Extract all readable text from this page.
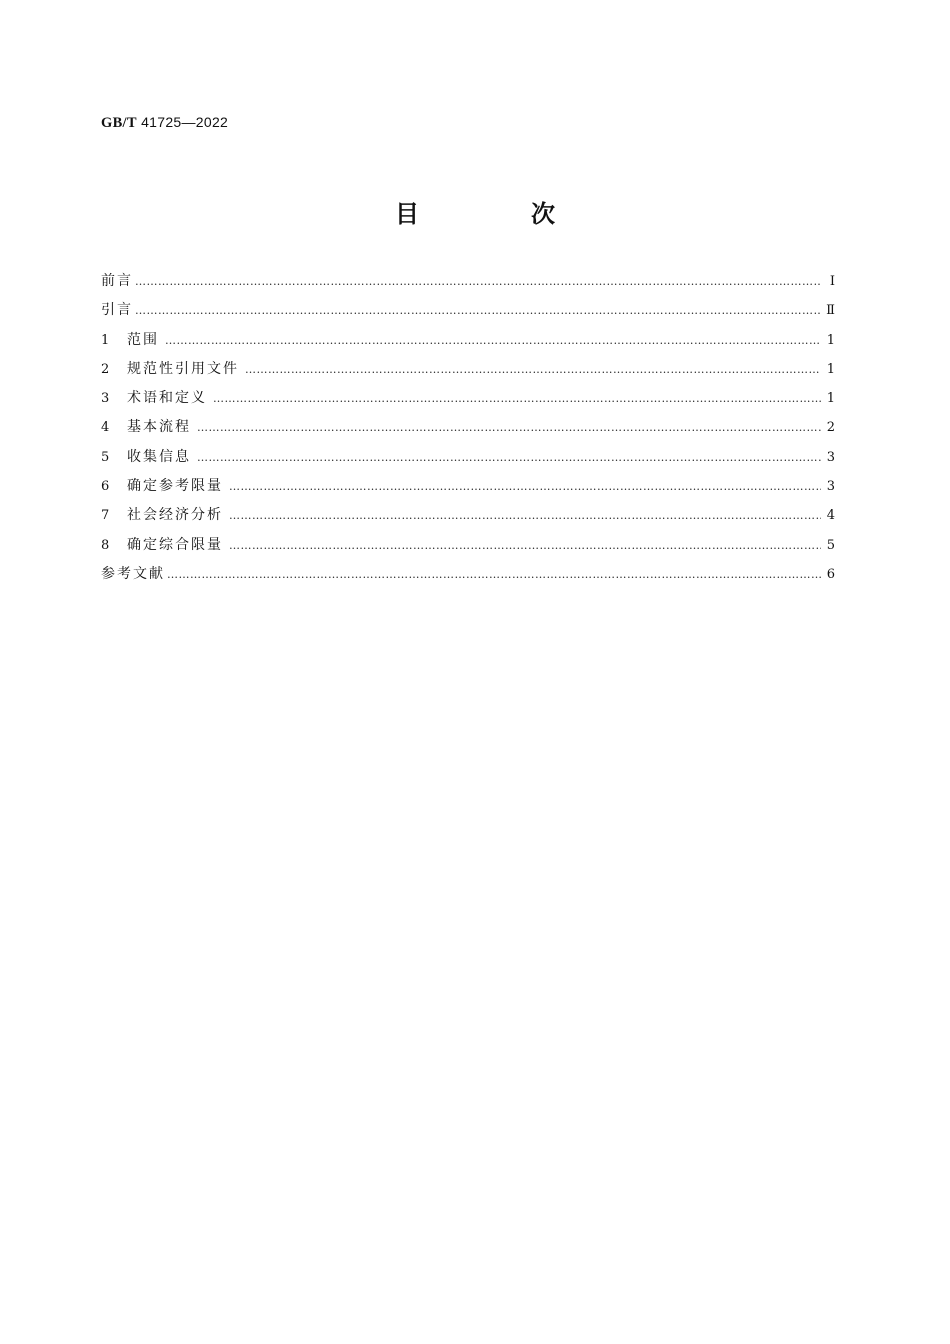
GB/T 41725—2022
目　次
前言 …………………………………………………………………………………………………………………………………………………………………………………………………………………………………………	Ⅰ
引言 …………………………………………………………………………………………………………………………………………………………………………………………………………………………………………	Ⅱ
1	范围 …………………………………………………………………………………………………………………………………………………………………………………………………………………………………………	1
2	规范性引用文件 …………………………………………………………………………………………………………………………………………………………………………………………………………………………………………	1
3	术语和定义 …………………………………………………………………………………………………………………………………………………………………………………………………………………………………………	1
4	基本流程 …………………………………………………………………………………………………………………………………………………………………………………………………………………………………………	2
5	收集信息 …………………………………………………………………………………………………………………………………………………………………………………………………………………………………………	3
6	确定参考限量 …………………………………………………………………………………………………………………………………………………………………………………………………………………………………………	3
7	社会经济分析 …………………………………………………………………………………………………………………………………………………………………………………………………………………………………………	4
8	确定综合限量 …………………………………………………………………………………………………………………………………………………………………………………………………………………………………………	5
参考文献 …………………………………………………………………………………………………………………………………………………………………………………………………………………………………………	6
